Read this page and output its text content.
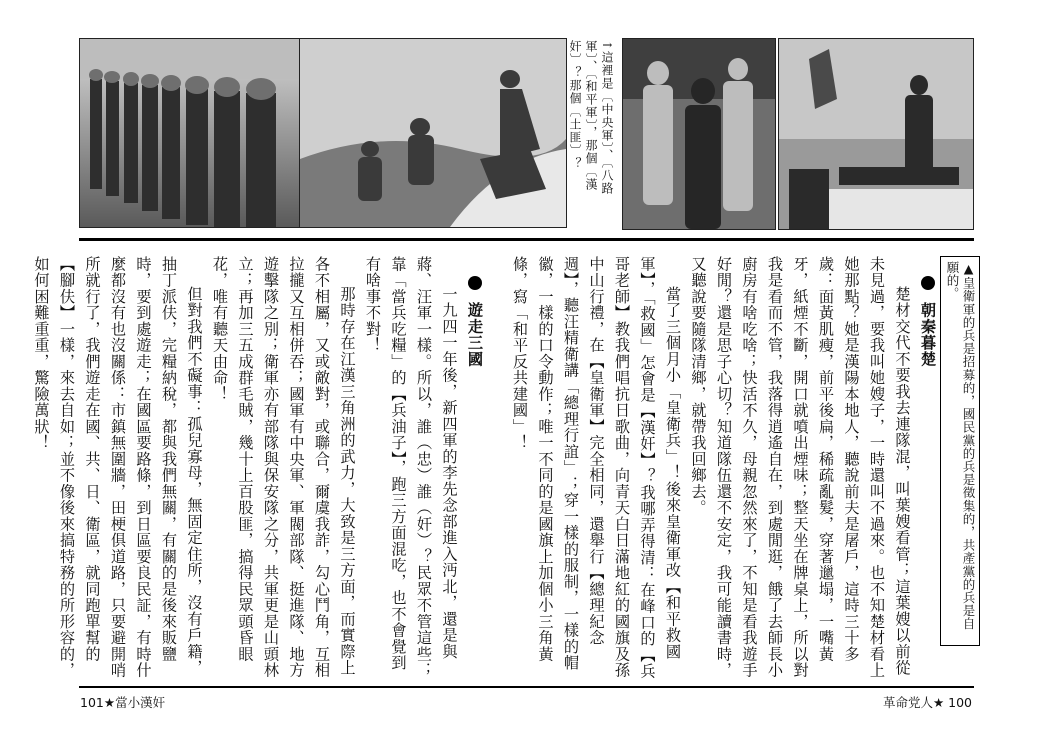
↑這裡是〔中央軍〕、〔八路軍〕、〔和平軍〕，那個〔漢奸〕？那個〔土匪〕？
▲皇衛軍的兵是招募的，國民黨的兵是徵集的，共產黨的兵是自願的。

朝秦暮楚

楚材交代不要我去連隊混，叫葉嫂看管；這葉嫂以前從未見過，要我叫她嫂子，一時還叫不過來。也不知楚材看上她那點？她是漢陽本地人，聽說前夫是屠戶，這時三十多歲：面黃肌瘦，前平後扁，稀疏亂髮，穿著邋塌，一嘴黃牙，紙煙不斷，開口就噴出煙味；整天坐在牌桌上，所以對我是看而不管，我落得逍遙自在，到處閒逛，餓了去師長小廚房有啥吃啥；快活不久，母親忽然來了，不知是看我遊手好閒？還是思子心切？知道隊伍還不安定，我可能讀書時，又聽說要隨隊清鄉，就帶我回鄉去。

當了三個月小「皇衛兵」！後來皇衛軍改【和平救國軍】，「救國」怎會是【漢奸】？我哪弄得清：在峰口的【兵哥老師】教我們唱抗日歌曲，向青天白日滿地紅的國旗及孫中山行禮，在【皇衛軍】完全相同，還舉行【總理紀念週】，聽汪精衛講「總理行誼」；穿一樣的服制，一樣的帽徽，一樣的口令動作；唯一不同的是國旗上加個小三角黃條，寫「和平反共建國」！

遊走三國

一九四一年後，新四軍的李先念部進入沔北，還是與蔣、汪軍一樣。所以，誰（忠）誰（奸）？民眾不管這些；靠「當兵吃糧」的【兵油子】，跑三方面混吃，也不會覺到有啥事不對！

那時存在江漢三角洲的武力，大致是三方面，而實際上各不相屬，又或敵對，或聯合，爾虞我詐，勾心鬥角，互相拉攏又互相併吞；國軍有中央軍、軍閥部隊、挺進隊、地方遊擊隊之別；衛軍亦有部隊與保安隊之分，共軍更是山頭林立；再加三五成群毛賊，幾十上百股匪，搞得民眾頭昏眼花，唯有聽天由命！

但對我們不礙事：孤兒寡母，無固定住所，沒有戶籍，抽丁派伕，完糧納稅，都與我們無關，有關的是後來販鹽時，要到處遊走；在國區要路條，到日區要良民証，有時什麼都沒有也沒關係：市鎮無圍牆，田梗俱道路，只要避開哨所就行了，我們遊走在國、共、日、衛區，就同跑單幫的【腳伕】一樣，來去自如；並不像後來搞特務的所形容的，如何困難重重，驚險萬狀！

101★當小漢奸	革命党人★ 100
